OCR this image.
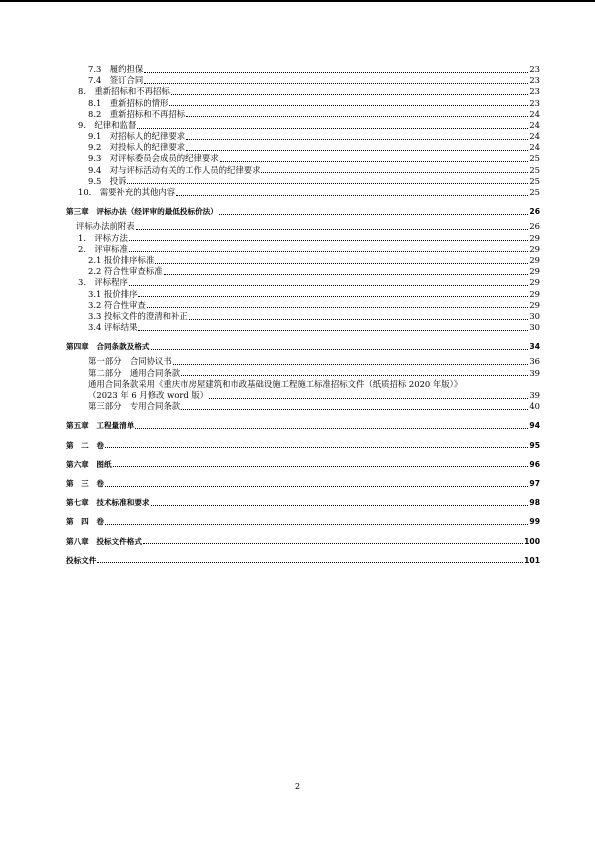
7.3　履约担保	23
7.4　签订合同	23
8.　重新招标和不再招标	23
8.1　重新招标的情形	23
8.2　重新招标和不再招标	24
9.　纪律和监督	24
9.1　对招标人的纪律要求	24
9.2　对投标人的纪律要求	24
9.3　对评标委员会成员的纪律要求	25
9.4　对与评标活动有关的工作人员的纪律要求	25
9.5　投诉	25
10.　需要补充的其他内容	25
第三章　评标办法（经评审的最低投标价法）	26
评标办法前附表	26
1.　评标方法	29
2.　评审标准	29
2.1 报价排序标准	29
2.2 符合性审查标准	29
3.　评标程序	29
3.1 报价排序	29
3.2 符合性审查	29
3.3 投标文件的澄清和补正	30
3.4 评标结果	30
第四章　合同条款及格式	34
第一部分　合同协议书	36
第二部分　通用合同条款	39
通用合同条款采用《重庆市房屋建筑和市政基础设施工程施工标准招标文件（纸质招标 2020 年版）》
（2023 年 6 月修改 word 版）	39
第三部分　专用合同条款	40
第五章　工程量清单	94
第　二　卷	95
第六章　图纸	96
第　三　卷	97
第七章　技术标准和要求	98
第　四　卷	99
第八章　投标文件格式	100
投标文件	101
2
